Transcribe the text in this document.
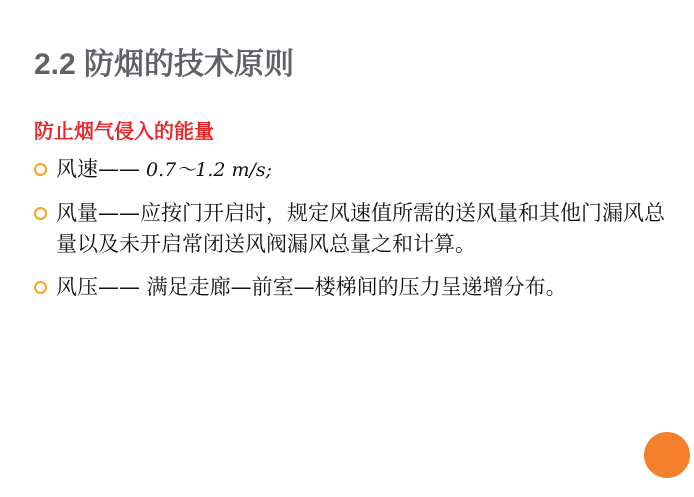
2.2 防烟的技术原则
防止烟气侵入的能量
风速—— 0.7～1.2 m/s;
风量——应按门开启时，规定风速值所需的送风量和其他门漏风总量以及未开启常闭送风阀漏风总量之和计算。
风压—— 满足走廊—前室—楼梯间的压力呈递增分布。
